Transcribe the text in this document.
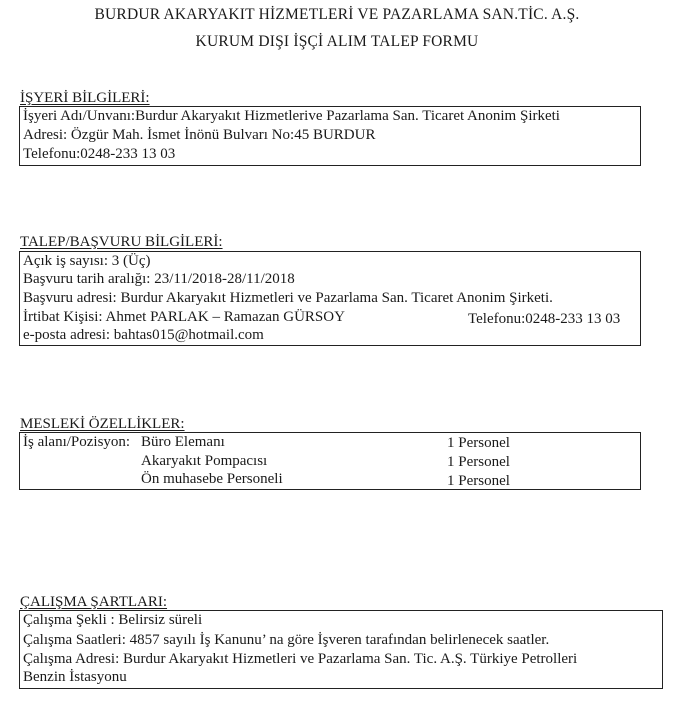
BURDUR AKARYAKIT HİZMETLERİ VE PAZARLAMA SAN.TİC. A.Ş.
KURUM DIŞI İŞÇİ ALIM TALEP FORMU
İŞYERİ BİLGİLERİ:
İşyeri Adı/Unvanı:Burdur Akaryakıt Hizmetlerive Pazarlama San. Ticaret Anonim Şirketi
Adresi: Özgür Mah. İsmet İnönü Bulvarı No:45 BURDUR
Telefonu:0248-233 13 03
TALEP/BAŞVURU BİLGİLERİ:
Açık iş sayısı: 3 (Üç)
Başvuru tarih aralığı: 23/11/2018-28/11/2018
Başvuru adresi: Burdur Akaryakıt Hizmetleri ve Pazarlama San. Ticaret Anonim Şirketi.
İrtibat Kişisi: Ahmet PARLAK – Ramazan GÜRSOY	Telefonu:0248-233 13 03
e-posta adresi: bahtas015@hotmail.com
MESLEKİ ÖZELLİKLER:
İş alanı/Pozisyon: Büro Elemanı	1 Personel
Akaryakıt Pompacısı	1 Personel
Ön muhasebe Personeli	1 Personel
ÇALIŞMA ŞARTLARI:
Çalışma Şekli : Belirsiz süreli
Çalışma Saatleri: 4857 sayılı İş Kanunu’ na göre İşveren tarafından belirlenecek saatler.
Çalışma Adresi: Burdur Akaryakıt Hizmetleri ve Pazarlama San. Tic. A.Ş. Türkiye Petrolleri
Benzin İstasyonu
